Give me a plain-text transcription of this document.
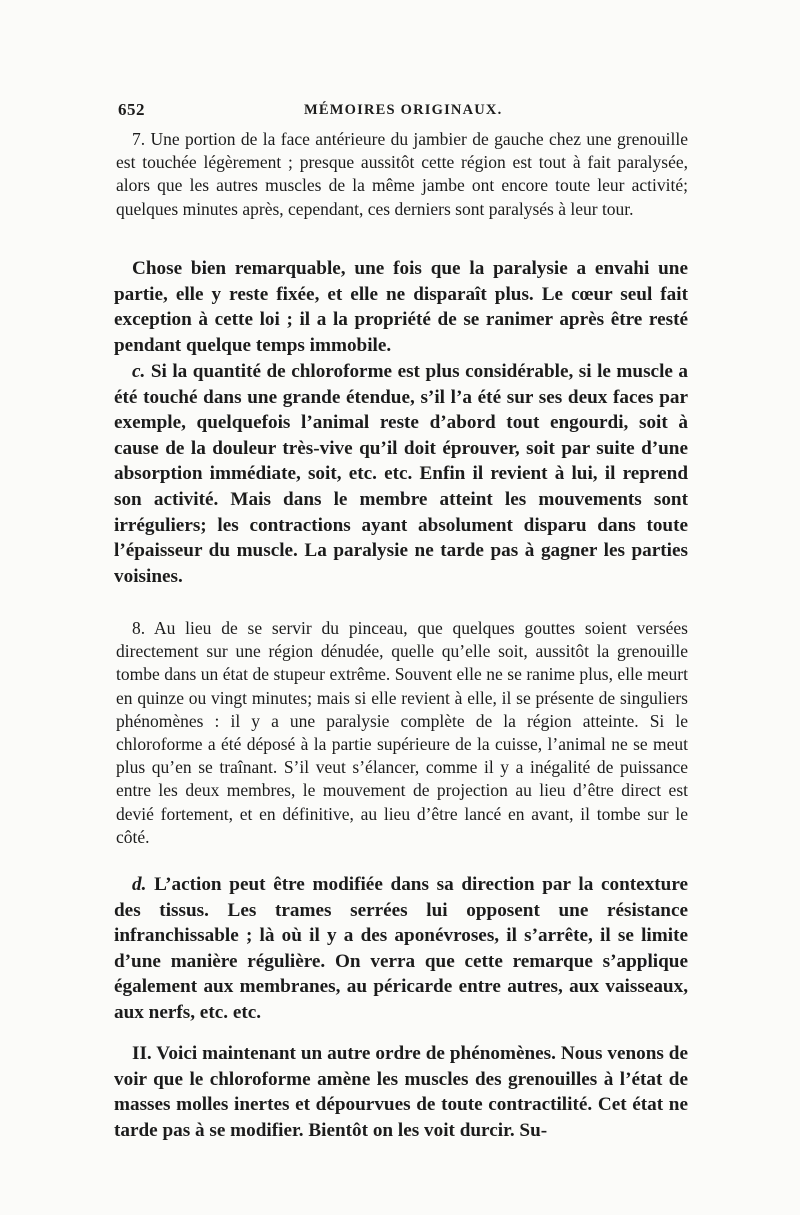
652	MÉMOIRES ORIGINAUX.

7. Une portion de la face antérieure du jambier de gauche chez une grenouille est touchée légèrement ; presque aussitôt cette région est tout à fait paralysée, alors que les autres muscles de la même jambe ont encore toute leur activité; quelques minutes après, cependant, ces derniers sont paralysés à leur tour.

Chose bien remarquable, une fois que la paralysie a envahi une partie, elle y reste fixée, et elle ne disparaît plus. Le cœur seul fait exception à cette loi ; il a la propriété de se ranimer après être resté pendant quelque temps immobile.

c. Si la quantité de chloroforme est plus considérable, si le muscle a été touché dans une grande étendue, s’il l’a été sur ses deux faces par exemple, quelquefois l’animal reste d’abord tout engourdi, soit à cause de la douleur très-vive qu’il doit éprouver, soit par suite d’une absorption immédiate, soit, etc. etc. Enfin il revient à lui, il reprend son activité. Mais dans le membre atteint les mouvements sont irréguliers; les contractions ayant absolument disparu dans toute l’épaisseur du muscle. La paralysie ne tarde pas à gagner les parties voisines.

8. Au lieu de se servir du pinceau, que quelques gouttes soient versées directement sur une région dénudée, quelle qu’elle soit, aussitôt la grenouille tombe dans un état de stupeur extrême. Souvent elle ne se ranime plus, elle meurt en quinze ou vingt minutes; mais si elle revient à elle, il se présente de singuliers phénomènes : il y a une paralysie complète de la région atteinte. Si le chloroforme a été déposé à la partie supérieure de la cuisse, l’animal ne se meut plus qu’en se traînant. S’il veut s’élancer, comme il y a inégalité de puissance entre les deux membres, le mouvement de projection au lieu d’être direct est devié fortement, et en définitive, au lieu d’être lancé en avant, il tombe sur le côté.

d. L’action peut être modifiée dans sa direction par la contexture des tissus. Les trames serrées lui opposent une résistance infranchissable ; là où il y a des aponévroses, il s’arrête, il se limite d’une manière régulière. On verra que cette remarque s’applique également aux membranes, au péricarde entre autres, aux vaisseaux, aux nerfs, etc. etc.

II. Voici maintenant un autre ordre de phénomènes. Nous venons de voir que le chloroforme amène les muscles des grenouilles à l’état de masses molles inertes et dépourvues de toute contractilité. Cet état ne tarde pas à se modifier. Bientôt on les voit durcir. Su-
